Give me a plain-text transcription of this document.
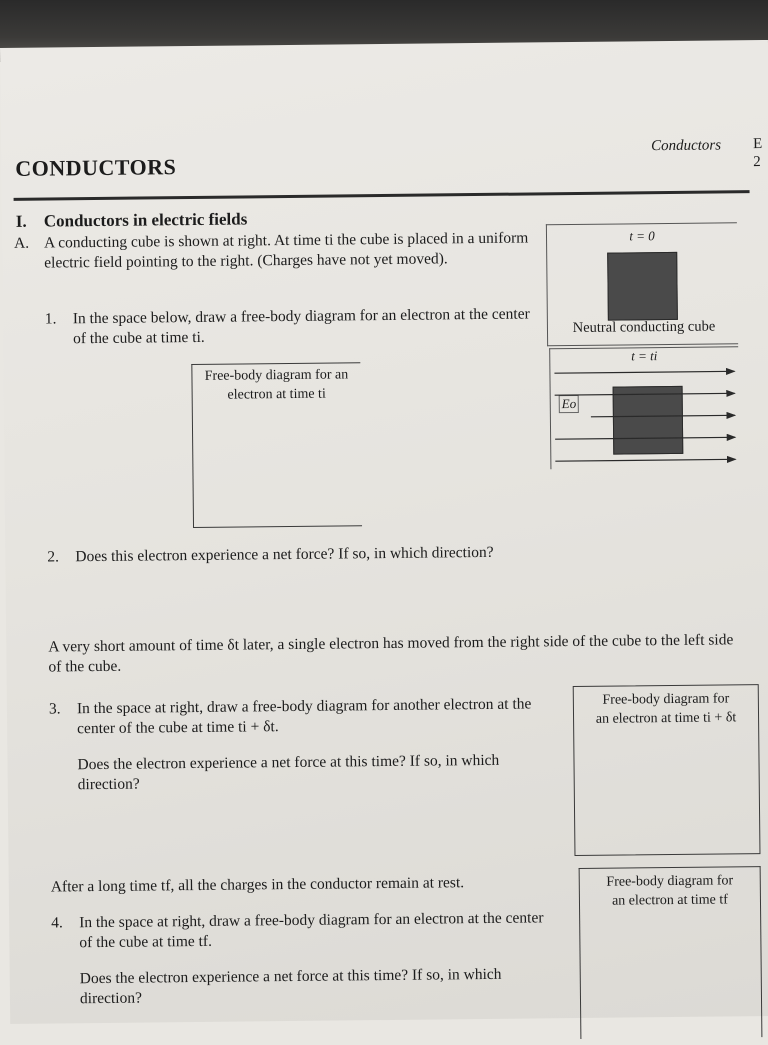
CONDUCTORS
Conductors E
2
I. Conductors in electric fields
A. A conducting cube is shown at right. At time ti the cube is placed in a uniform electric field pointing to the right. (Charges have not yet moved).
t = 0
Neutral conducting cube
t = ti
Eo
1.	In the space below, draw a free-body diagram for an electron at the center of the cube at time ti.
Free-body diagram for an electron at time ti
2.	Does this electron experience a net force? If so, in which direction?
A very short amount of time δt later, a single electron has moved from the right side of the cube to the left side of the cube.
3.	In the space at right, draw a free-body diagram for another electron at the center of the cube at time ti + δt.
Does the electron experience a net force at this time? If so, in which direction?
Free-body diagram for
an electron at time ti + δt
After a long time tf, all the charges in the conductor remain at rest.
4.	In the space at right, draw a free-body diagram for an electron at the center of the cube at time tf.
Does the electron experience a net force at this time? If so, in which direction?
Free-body diagram for
an electron at time tf
